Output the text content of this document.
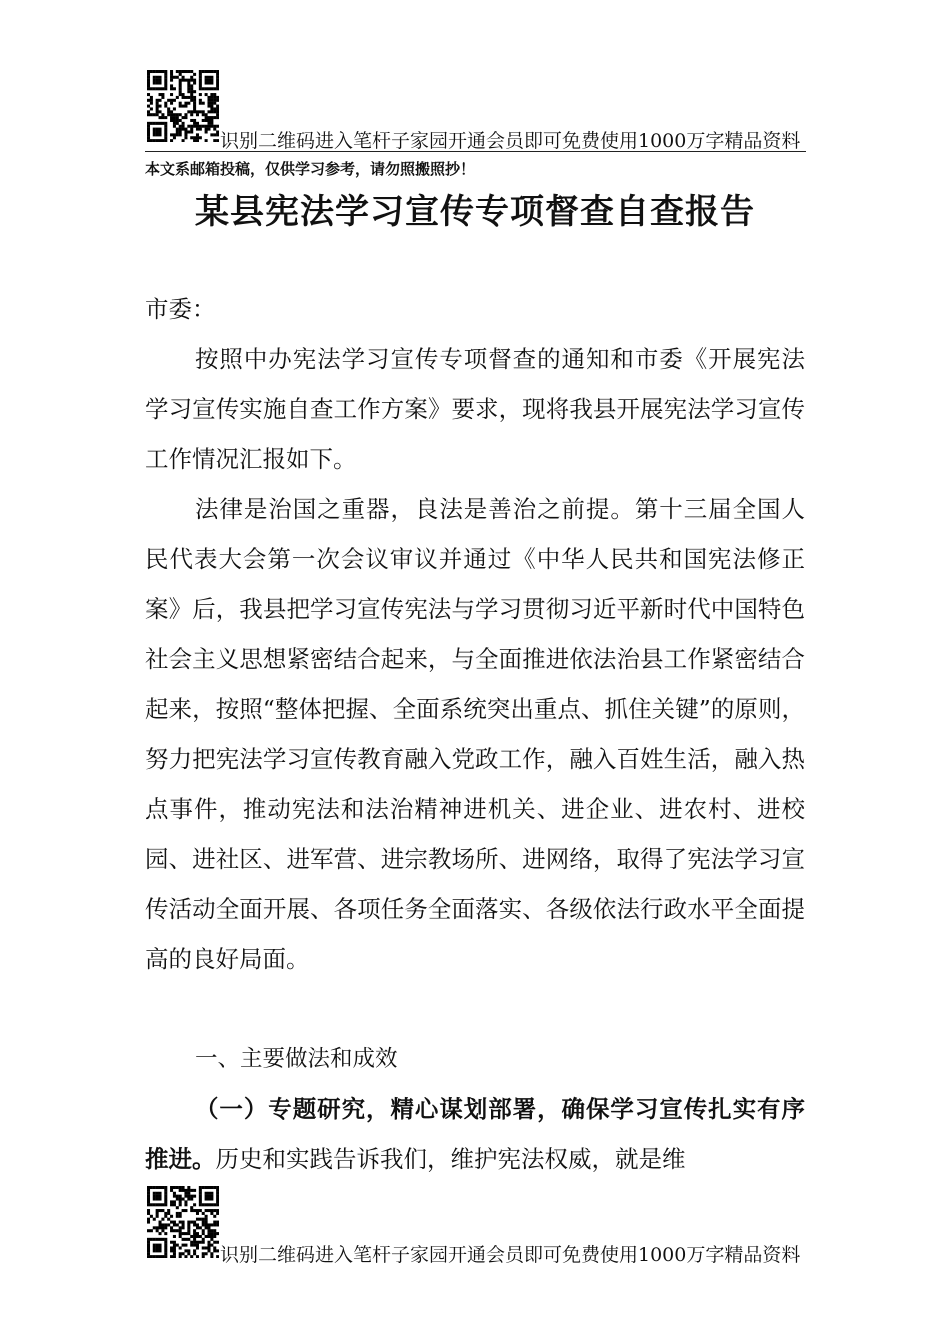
识别二维码进入笔杆子家园开通会员即可免费使用1000万字精品资料
本文系邮箱投稿，仅供学习参考，请勿照搬照抄！
某县宪法学习宣传专项督查自查报告
市委：
按照中办宪法学习宣传专项督查的通知和市委《开展宪法学习宣传实施自查工作方案》要求，现将我县开展宪法学习宣传工作情况汇报如下。
法律是治国之重器，良法是善治之前提。第十三届全国人民代表大会第一次会议审议并通过《中华人民共和国宪法修正案》后，我县把学习宣传宪法与学习贯彻习近平新时代中国特色社会主义思想紧密结合起来，与全面推进依法治县工作紧密结合起来，按照“整体把握、全面系统突出重点、抓住关键”的原则，努力把宪法学习宣传教育融入党政工作，融入百姓生活，融入热点事件，推动宪法和法治精神进机关、进企业、进农村、进校园、进社区、进军营、进宗教场所、进网络，取得了宪法学习宣传活动全面开展、各项任务全面落实、各级依法行政水平全面提高的良好局面。
一、主要做法和成效
（一）专题研究，精心谋划部署，确保学习宣传扎实有序推进。历史和实践告诉我们，维护宪法权威，就是维
识别二维码进入笔杆子家园开通会员即可免费使用1000万字精品资料
